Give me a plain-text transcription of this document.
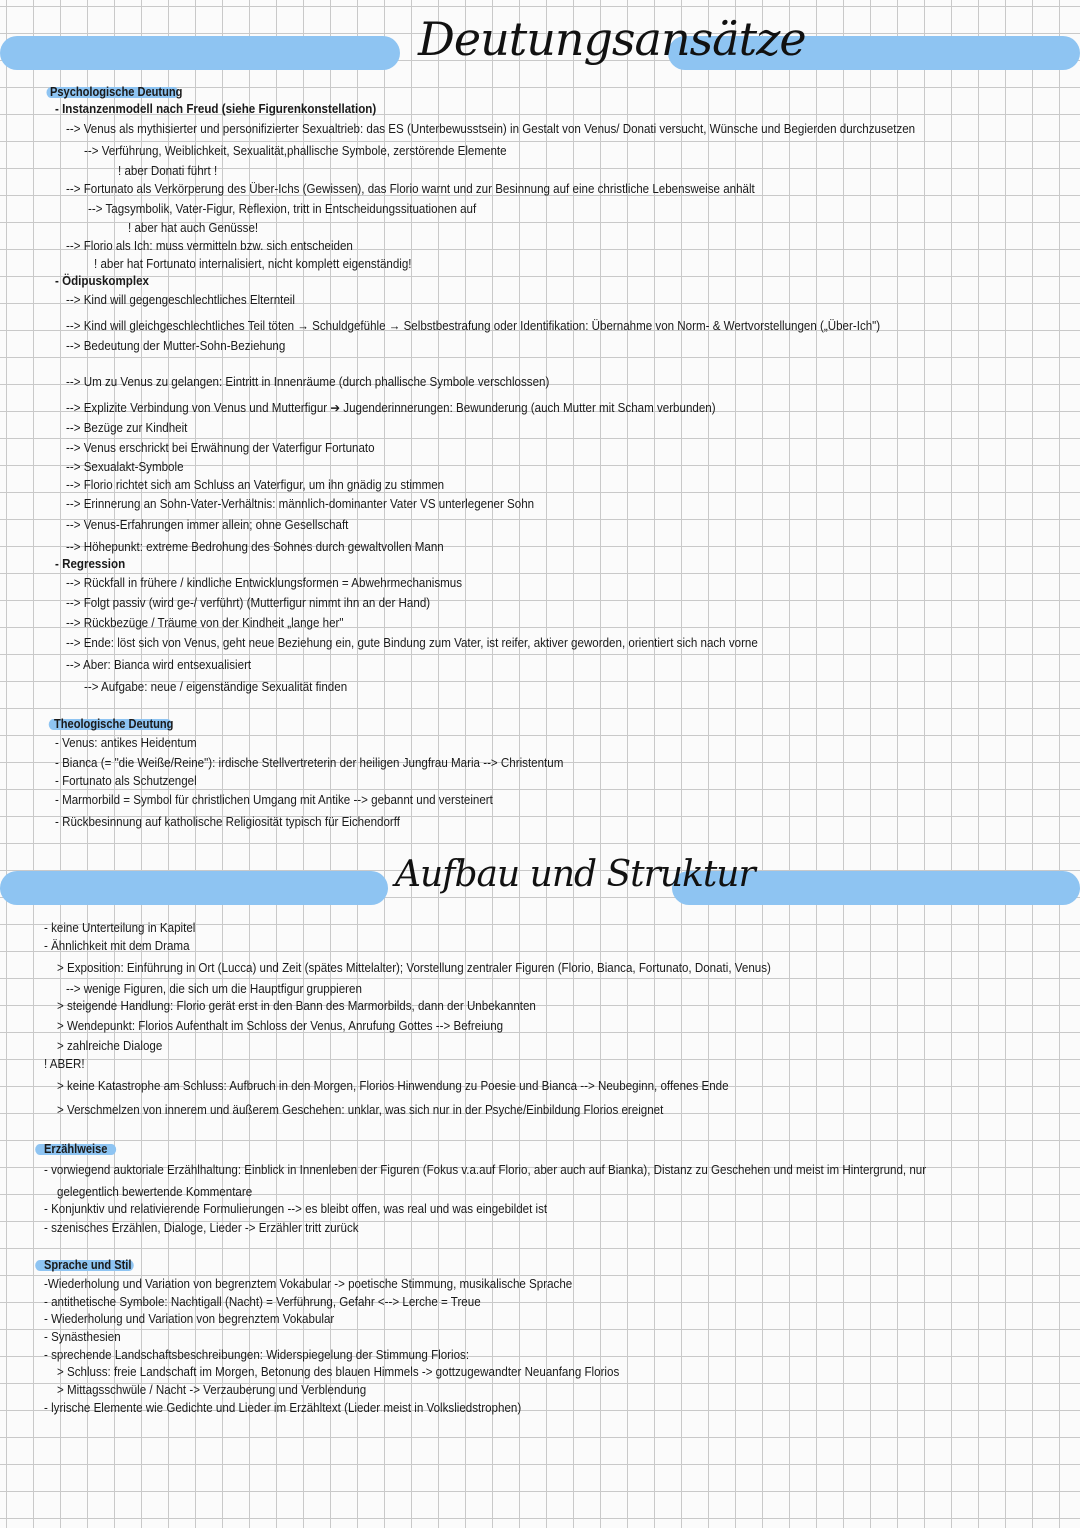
Deutungsansätze
Psychologische Deutung
- Instanzenmodell nach Freud (siehe Figurenkonstellation)
--> Venus als mythisierter und personifizierter Sexualtrieb: das ES (Unterbewusstsein) in Gestalt von Venus/ Donati versucht, Wünsche und Begierden durchzusetzen
--> Verführung, Weiblichkeit, Sexualität,phallische Symbole, zerstörende Elemente
! aber Donati führt !
--> Fortunato als Verkörperung des Über-Ichs (Gewissen), das Florio warnt und zur Besinnung auf eine christliche Lebensweise anhält
--> Tagsymbolik, Vater-Figur, Reflexion, tritt in Entscheidungssituationen auf
! aber hat auch Genüsse!
--> Florio als Ich: muss vermitteln bzw. sich entscheiden
! aber hat Fortunato internalisiert, nicht komplett eigenständig!
- Ödipuskomplex
--> Kind will gegengeschlechtliches Elternteil
--> Kind will gleichgeschlechtliches Teil töten → Schuldgefühle → Selbstbestrafung oder Identifikation: Übernahme von Norm- & Wertvorstellungen („Über-Ich")
--> Bedeutung der Mutter-Sohn-Beziehung
--> Um zu Venus zu gelangen: Eintritt in Innenräume (durch phallische Symbole verschlossen)
--> Explizite Verbindung von Venus und Mutterfigur ➔ Jugenderinnerungen: Bewunderung (auch Mutter mit Scham verbunden)
--> Bezüge zur Kindheit
--> Venus erschrickt bei Erwähnung der Vaterfigur Fortunato
--> Sexualakt-Symbole
--> Florio richtet sich am Schluss an Vaterfigur, um ihn gnädig zu stimmen
--> Erinnerung an Sohn-Vater-Verhältnis: männlich-dominanter Vater VS unterlegener Sohn
--> Venus-Erfahrungen immer allein; ohne Gesellschaft
--> Höhepunkt: extreme Bedrohung des Sohnes durch gewaltvollen Mann
- Regression
--> Rückfall in frühere / kindliche Entwicklungsformen = Abwehrmechanismus
--> Folgt passiv (wird ge-/ verführt) (Mutterfigur nimmt ihn an der Hand)
--> Rückbezüge / Träume von der Kindheit „lange her"
--> Ende: löst sich von Venus, geht neue Beziehung ein, gute Bindung zum Vater, ist reifer, aktiver geworden, orientiert sich nach vorne
--> Aber: Bianca wird entsexualisiert
--> Aufgabe: neue / eigenständige Sexualität finden
Theologische Deutung
- Venus: antikes Heidentum
- Bianca (= "die Weiße/Reine"): irdische Stellvertreterin der heiligen Jungfrau Maria --> Christentum
- Fortunato als Schutzengel
- Marmorbild = Symbol für christlichen Umgang mit Antike --> gebannt und versteinert
- Rückbesinnung auf katholische Religiosität typisch für Eichendorff
Aufbau und Struktur
- keine Unterteilung in Kapitel
- Ähnlichkeit mit dem Drama
> Exposition: Einführung in Ort (Lucca) und Zeit (spätes Mittelalter); Vorstellung zentraler Figuren (Florio, Bianca, Fortunato, Donati, Venus)
--> wenige Figuren, die sich um die Hauptfigur gruppieren
> steigende Handlung: Florio gerät erst in den Bann des Marmorbilds, dann der Unbekannten
> Wendepunkt: Florios Aufenthalt im Schloss der Venus, Anrufung Gottes --> Befreiung
> zahlreiche Dialoge
! ABER!
> keine Katastrophe am Schluss: Aufbruch in den Morgen, Florios Hinwendung zu Poesie und Bianca --> Neubeginn, offenes Ende
> Verschmelzen von innerem und äußerem Geschehen: unklar, was sich nur in der Psyche/Einbildung Florios ereignet
Erzählweise
- vorwiegend auktoriale Erzählhaltung: Einblick in Innenleben der Figuren (Fokus v.a.auf Florio, aber auch auf Bianka), Distanz zu Geschehen und meist im Hintergrund, nur
gelegentlich bewertende Kommentare
- Konjunktiv und relativierende Formulierungen --> es bleibt offen, was real und was eingebildet ist
- szenisches Erzählen, Dialoge, Lieder -> Erzähler tritt zurück
Sprache und Stil
-Wiederholung und Variation von begrenztem Vokabular -> poetische Stimmung, musikalische Sprache
- antithetische Symbole: Nachtigall (Nacht) = Verführung, Gefahr <--> Lerche = Treue
- Wiederholung und Variation von begrenztem Vokabular
- Synästhesien
- sprechende Landschaftsbeschreibungen: Widerspiegelung der Stimmung Florios:
> Schluss: freie Landschaft im Morgen, Betonung des blauen Himmels -> gottzugewandter Neuanfang Florios
> Mittagsschwüle / Nacht -> Verzauberung und Verblendung
- lyrische Elemente wie Gedichte und Lieder im Erzähltext (Lieder meist in Volksliedstrophen)
